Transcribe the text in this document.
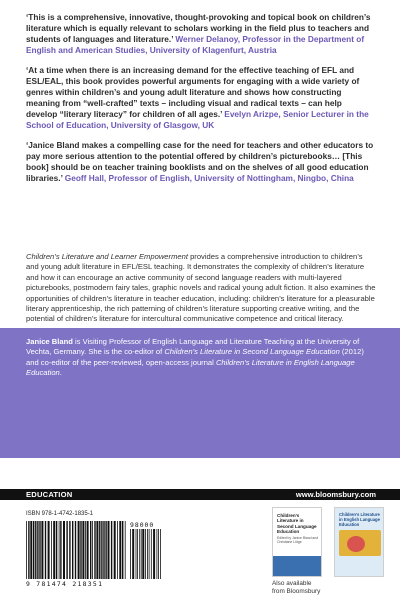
‘This is a comprehensive, innovative, thought-provoking and topical book on children’s literature which is equally relevant to scholars working in the field plus to teachers and students of languages and literature.’ Werner Delanoy, Professor in the Department of English and American Studies, University of Klagenfurt, Austria

‘At a time when there is an increasing demand for the effective teaching of EFL and ESL/EAL, this book provides powerful arguments for engaging with a wide variety of genres within children’s and young adult literature and shows how constructing meaning from “well-crafted” texts – including visual and radical texts – can help develop “literary literacy” for children of all ages.’ Evelyn Arizpe, Senior Lecturer in the School of Education, University of Glasgow, UK

‘Janice Bland makes a compelling case for the need for teachers and other educators to pay more serious attention to the potential offered by children’s picturebooks… [This book] should be on teacher training booklists and on the shelves of all good education libraries.’ Geoff Hall, Professor of English, University of Nottingham, Ningbo, China

Children’s Literature and Learner Empowerment provides a comprehensive introduction to children’s and young adult literature in EFL/ESL teaching. It demonstrates the complexity of children’s literature and how it can encourage an active community of second language readers with multi-layered picturebooks, postmodern fairy tales, graphic novels and radical young adult fiction. It also examines the opportunities of children’s literature in teacher education, including: children’s literature for a pleasurable literary apprenticeship, the rich patterning of children’s literature supporting creative writing, and the potential of children’s literature for intercultural communicative competence and critical literacy.

Janice Bland is Visiting Professor of English Language and Literature Teaching at the University of Vechta, Germany. She is the co-editor of Children’s Literature in Second Language Education (2012) and co-editor of the peer-reviewed, open-access journal Children’s Literature in English Language Education.

EDUCATION	www.bloomsbury.com
ISBN 978-1-4742-1835-1
9 781474 218351
98000
Children’s Literature in Second Language Education
Edited by Janice Bland and Christiane Lütge
Children’s Literature in English Language Education
Also available
from Bloomsbury
